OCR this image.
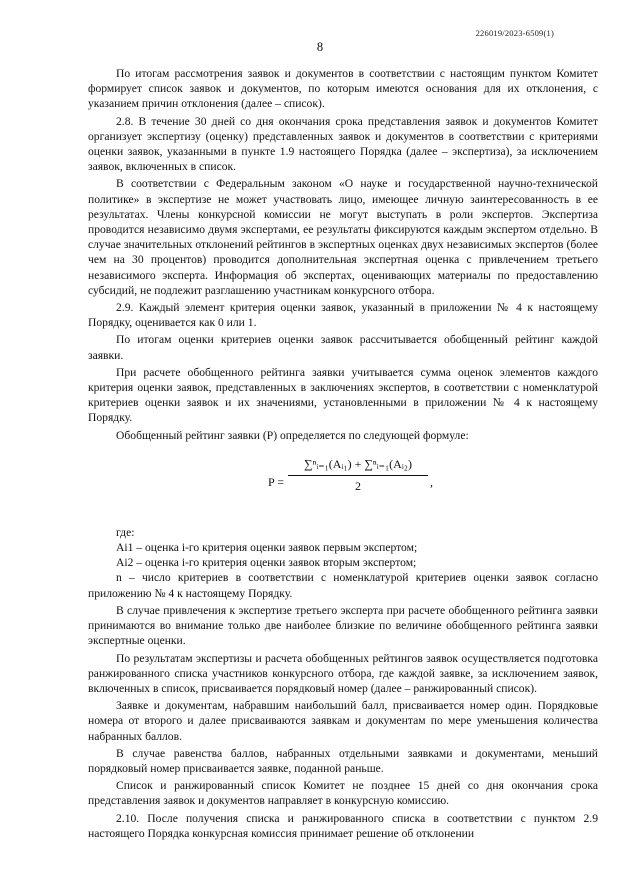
226019/2023-6509(1)
8

По итогам рассмотрения заявок и документов в соответствии с настоящим пунктом Комитет формирует список заявок и документов, по которым имеются основания для их отклонения, с указанием причин отклонения (далее – список).

2.8. В течение 30 дней со дня окончания срока представления заявок и документов Комитет организует экспертизу (оценку) представленных заявок и документов в соответствии с критериями оценки заявок, указанными в пункте 1.9 настоящего Порядка (далее – экспертиза), за исключением заявок, включенных в список.

В соответствии с Федеральным законом «О науке и государственной научно-технической политике» в экспертизе не может участвовать лицо, имеющее личную заинтересованность в ее результатах. Члены конкурсной комиссии не могут выступать в роли экспертов. Экспертиза проводится независимо двумя экспертами, ее результаты фиксируются каждым экспертом отдельно. В случае значительных отклонений рейтингов в экспертных оценках двух независимых экспертов (более чем на 30 процентов) проводится дополнительная экспертная оценка с привлечением третьего независимого эксперта. Информация об экспертах, оценивающих материалы по предоставлению субсидий, не подлежит разглашению участникам конкурсного отбора.

2.9. Каждый элемент критерия оценки заявок, указанный в приложении № 4 к настоящему Порядку, оценивается как 0 или 1.

По итогам оценки критериев оценки заявок рассчитывается обобщенный рейтинг каждой заявки.

При расчете обобщенного рейтинга заявки учитывается сумма оценок элементов каждого критерия оценки заявок, представленных в заключениях экспертов, в соответствии с номенклатурой критериев оценки заявок и их значениями, установленными в приложении № 4 к настоящему Порядку.

Обобщенный рейтинг заявки (P) определяется по следующей формуле:

$P = \frac{\text{∑ⁿᵢ₌₁(Aᵢ₁) + ∑ⁿᵢ₌₁(Aᵢ₂)}}{2}$ ,

где:

Ai1 – оценка i-го критерия оценки заявок первым экспертом;

Ai2 – оценка i-го критерия оценки заявок вторым экспертом;

n – число критериев в соответствии с номенклатурой критериев оценки заявок согласно приложению № 4 к настоящему Порядку.

В случае привлечения к экспертизе третьего эксперта при расчете обобщенного рейтинга заявки принимаются во внимание только две наиболее близкие по величине обобщенного рейтинга заявки экспертные оценки.

По результатам экспертизы и расчета обобщенных рейтингов заявок осуществляется подготовка ранжированного списка участников конкурсного отбора, где каждой заявке, за исключением заявок, включенных в список, присваивается порядковый номер (далее – ранжированный список).

Заявке и документам, набравшим наибольший балл, присваивается номер один. Порядковые номера от второго и далее присваиваются заявкам и документам по мере уменьшения количества набранных баллов.

В случае равенства баллов, набранных отдельными заявками и документами, меньший порядковый номер присваивается заявке, поданной раньше.

Список и ранжированный список Комитет не позднее 15 дней со дня окончания срока представления заявок и документов направляет в конкурсную комиссию.

2.10. После получения списка и ранжированного списка в соответствии с пунктом 2.9 настоящего Порядка конкурсная комиссия принимает решение об отклонении
